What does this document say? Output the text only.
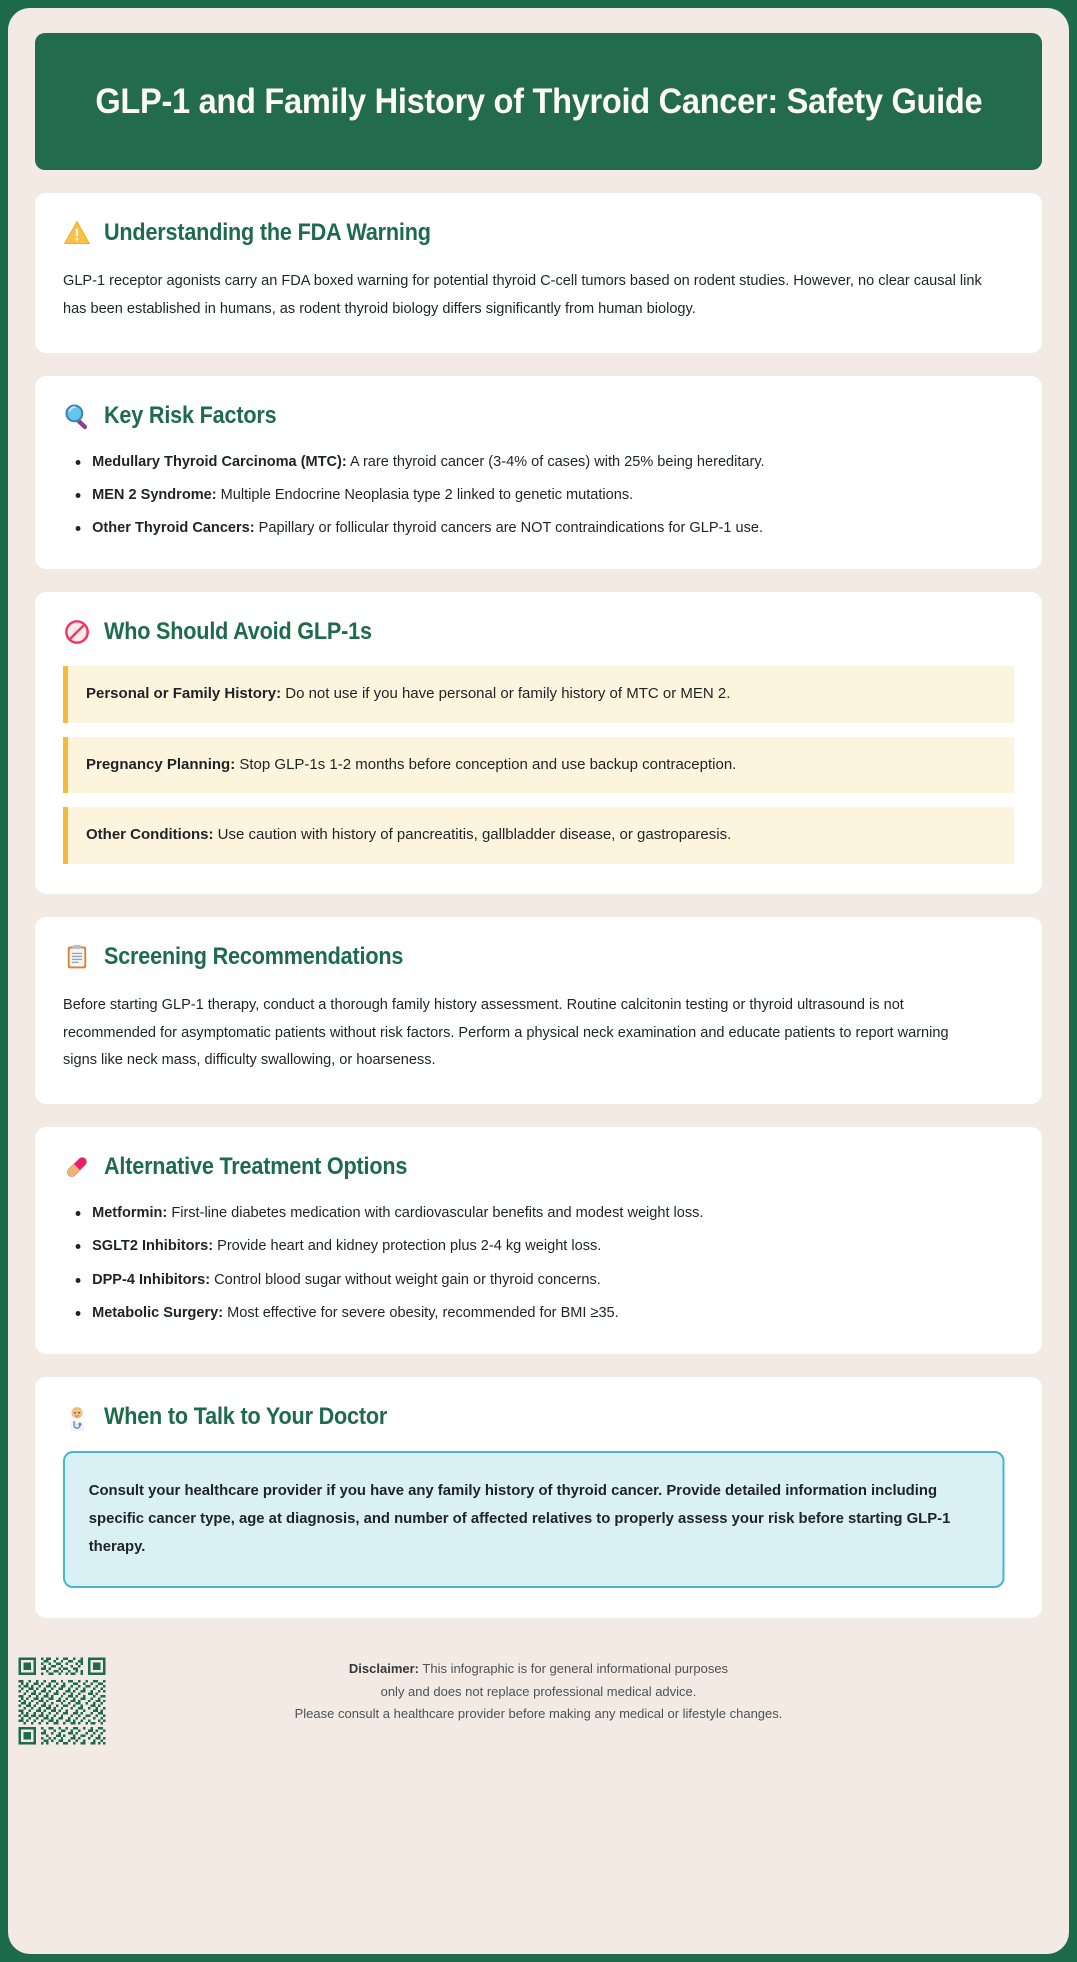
GLP-1 and Family History of Thyroid Cancer: Safety Guide
Understanding the FDA Warning

GLP-1 receptor agonists carry an FDA boxed warning for potential thyroid C-cell tumors based on rodent studies. However, no clear causal link has been established in humans, as rodent thyroid biology differs significantly from human biology.

Key Risk Factors
Medullary Thyroid Carcinoma (MTC): A rare thyroid cancer (3-4% of cases) with 25% being hereditary.
MEN 2 Syndrome: Multiple Endocrine Neoplasia type 2 linked to genetic mutations.
Other Thyroid Cancers: Papillary or follicular thyroid cancers are NOT contraindications for GLP-1 use.
Who Should Avoid GLP-1s
Personal or Family History: Do not use if you have personal or family history of MTC or MEN 2.
Pregnancy Planning: Stop GLP-1s 1-2 months before conception and use backup contraception.
Other Conditions: Use caution with history of pancreatitis, gallbladder disease, or gastroparesis.
Screening Recommendations

Before starting GLP-1 therapy, conduct a thorough family history assessment. Routine calcitonin testing or thyroid ultrasound is not recommended for asymptomatic patients without risk factors. Perform a physical neck examination and educate patients to report warning signs like neck mass, difficulty swallowing, or hoarseness.

Alternative Treatment Options
Metformin: First-line diabetes medication with cardiovascular benefits and modest weight loss.
SGLT2 Inhibitors: Provide heart and kidney protection plus 2-4 kg weight loss.
DPP-4 Inhibitors: Control blood sugar without weight gain or thyroid concerns.
Metabolic Surgery: Most effective for severe obesity, recommended for BMI ≥35.
When to Talk to Your Doctor
Consult your healthcare provider if you have any family history of thyroid cancer. Provide detailed information including specific cancer type, age at diagnosis, and number of affected relatives to properly assess your risk before starting GLP-1 therapy.
Disclaimer: This infographic is for general informational purposes
only and does not replace professional medical advice.
Please consult a healthcare provider before making any medical or lifestyle changes.
